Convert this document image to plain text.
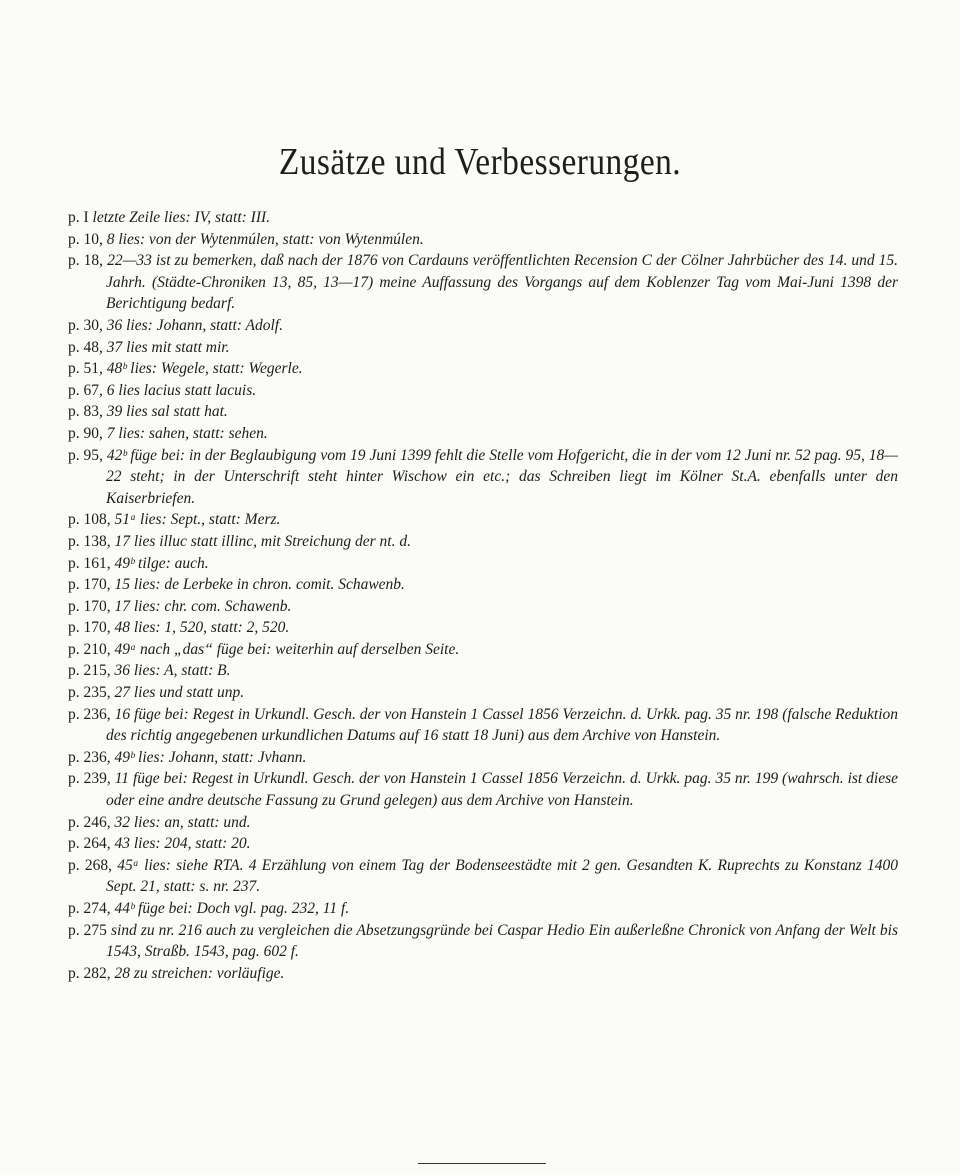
Zusätze und Verbesserungen.
p. I letzte Zeile lies: IV, statt: III.
p. 10, 8 lies: von der Wytenmúlen, statt: von Wytenmúlen.
p. 18, 22—33 ist zu bemerken, daß nach der 1876 von Cardauns veröffentlichten Recension C der Cölner Jahrbücher des 14. und 15. Jahrh. (Städte-Chroniken 13, 85, 13—17) meine Auffassung des Vorgangs auf dem Koblenzer Tag vom Mai-Juni 1398 der Berichtigung bedarf.
p. 30, 36 lies: Johann, statt: Adolf.
p. 48, 37 lies mit statt mir.
p. 51, 48ᵇ lies: Wegele, statt: Wegerle.
p. 67, 6 lies lacius statt lacuis.
p. 83, 39 lies sal statt hat.
p. 90, 7 lies: sahen, statt: sehen.
p. 95, 42ᵇ füge bei: in der Beglaubigung vom 19 Juni 1399 fehlt die Stelle vom Hofgericht, die in der vom 12 Juni nr. 52 pag. 95, 18—22 steht; in der Unterschrift steht hinter Wischow ein etc.; das Schreiben liegt im Kölner St.A. ebenfalls unter den Kaiserbriefen.
p. 108, 51ᵃ lies: Sept., statt: Merz.
p. 138, 17 lies illuc statt illinc, mit Streichung der nt. d.
p. 161, 49ᵇ tilge: auch.
p. 170, 15 lies: de Lerbeke in chron. comit. Schawenb.
p. 170, 17 lies: chr. com. Schawenb.
p. 170, 48 lies: 1, 520, statt: 2, 520.
p. 210, 49ᵃ nach „das“ füge bei: weiterhin auf derselben Seite.
p. 215, 36 lies: A, statt: B.
p. 235, 27 lies und statt unp.
p. 236, 16 füge bei: Regest in Urkundl. Gesch. der von Hanstein 1 Cassel 1856 Verzeichn. d. Urkk. pag. 35 nr. 198 (falsche Reduktion des richtig angegebenen urkundlichen Datums auf 16 statt 18 Juni) aus dem Archive von Hanstein.
p. 236, 49ᵇ lies: Johann, statt: Jvhann.
p. 239, 11 füge bei: Regest in Urkundl. Gesch. der von Hanstein 1 Cassel 1856 Verzeichn. d. Urkk. pag. 35 nr. 199 (wahrsch. ist diese oder eine andre deutsche Fassung zu Grund gelegen) aus dem Archive von Hanstein.
p. 246, 32 lies: an, statt: und.
p. 264, 43 lies: 204, statt: 20.
p. 268, 45ᵃ lies: siehe RTA. 4 Erzählung von einem Tag der Bodenseestädte mit 2 gen. Gesandten K. Ruprechts zu Konstanz 1400 Sept. 21, statt: s. nr. 237.
p. 274, 44ᵇ füge bei: Doch vgl. pag. 232, 11 f.
p. 275 sind zu nr. 216 auch zu vergleichen die Absetzungsgründe bei Caspar Hedio Ein außerleßne Chronick von Anfang der Welt bis 1543, Straßb. 1543, pag. 602 f.
p. 282, 28 zu streichen: vorläufige.
